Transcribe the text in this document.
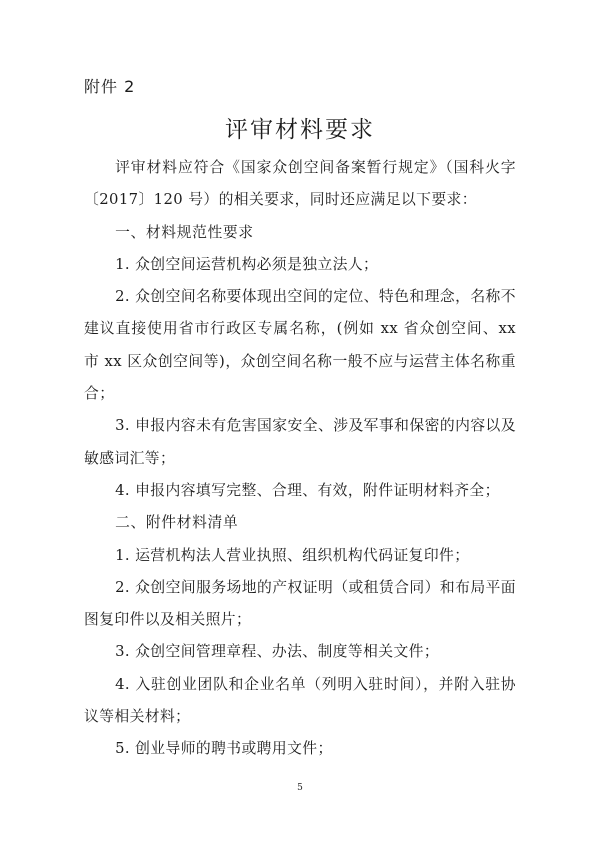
附件 2
评审材料要求

评审材料应符合《国家众创空间备案暂行规定》（国科火字〔2017〕120 号）的相关要求，同时还应满足以下要求：

一、材料规范性要求

1. 众创空间运营机构必须是独立法人；

2. 众创空间名称要体现出空间的定位、特色和理念，名称不建议直接使用省市行政区专属名称，(例如 xx 省众创空间、xx 市 xx 区众创空间等)，众创空间名称一般不应与运营主体名称重合；

3. 申报内容未有危害国家安全、涉及军事和保密的内容以及敏感词汇等；

4. 申报内容填写完整、合理、有效，附件证明材料齐全；

二、附件材料清单

1. 运营机构法人营业执照、组织机构代码证复印件；

2. 众创空间服务场地的产权证明（或租赁合同）和布局平面图复印件以及相关照片；

3. 众创空间管理章程、办法、制度等相关文件；

4. 入驻创业团队和企业名单（列明入驻时间），并附入驻协议等相关材料；

5. 创业导师的聘书或聘用文件；

5
